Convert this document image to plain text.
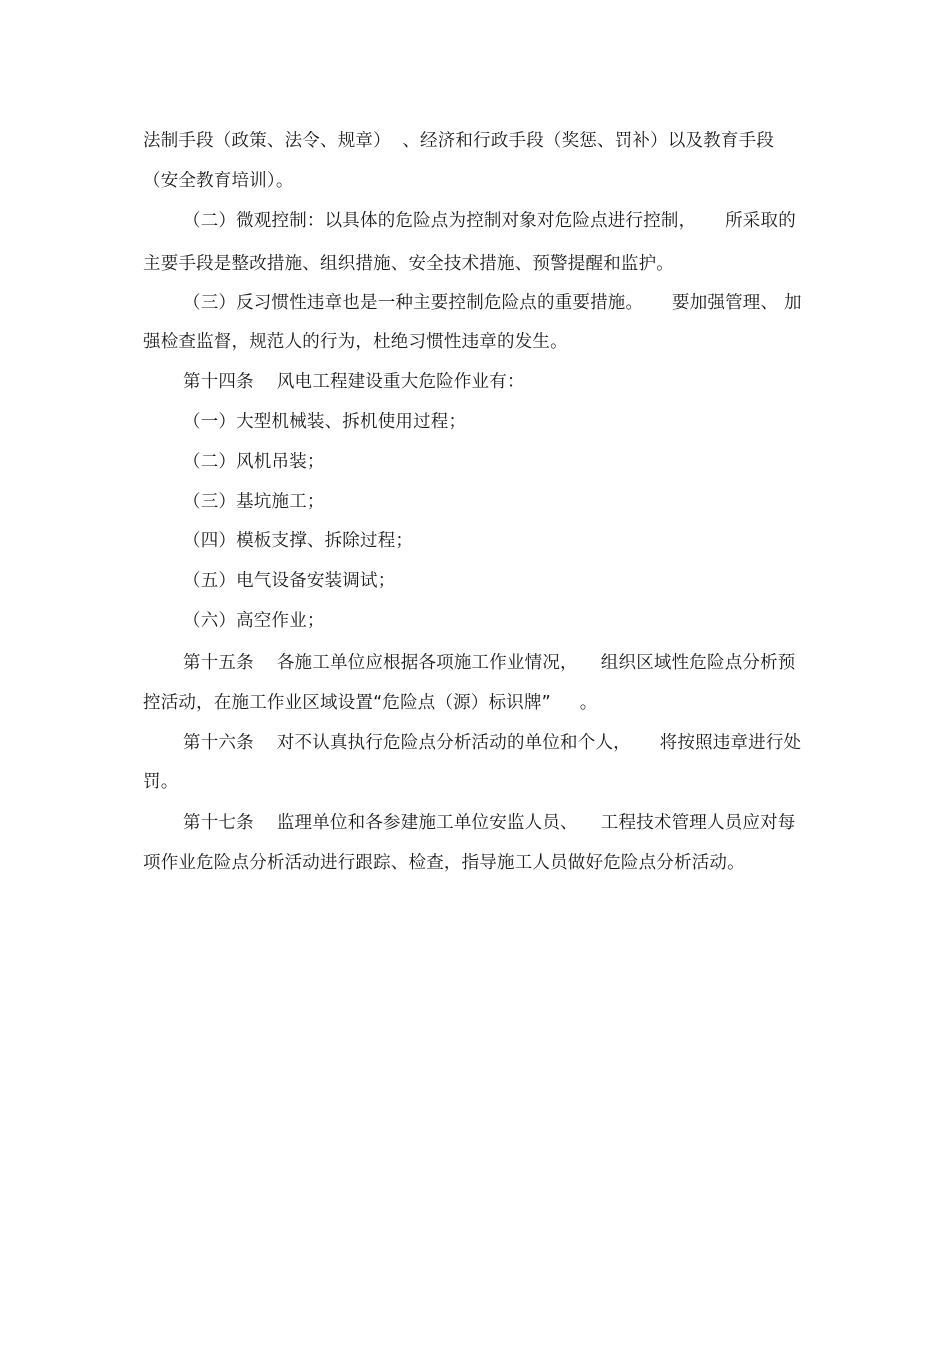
法制手段（政策、法令、规章）  、经济和行政手段（奖惩、罚补）以及教育手段
（安全教育培训）。
（二）微观控制：以具体的危险点为控制对象对危险点进行控制，     所采取的
主要手段是整改措施、组织措施、安全技术措施、预警提醒和监护。
（三）反习惯性违章也是一种主要控制危险点的重要措施。     要加强管理、 加
强检查监督，规范人的行为，杜绝习惯性违章的发生。
第十四条    风电工程建设重大危险作业有：
（一）大型机械装、拆机使用过程；
（二）风机吊装；
（三）基坑施工；
（四）模板支撑、拆除过程；
（五）电气设备安装调试；
（六）高空作业；
第十五条    各施工单位应根据各项施工作业情况，    组织区域性危险点分析预
控活动，在施工作业区域设置“危险点（源）标识牌”     。
第十六条    对不认真执行危险点分析活动的单位和个人，     将按照违章进行处
罚。
第十七条    监理单位和各参建施工单位安监人员、    工程技术管理人员应对每
项作业危险点分析活动进行跟踪、检查，指导施工人员做好危险点分析活动。
